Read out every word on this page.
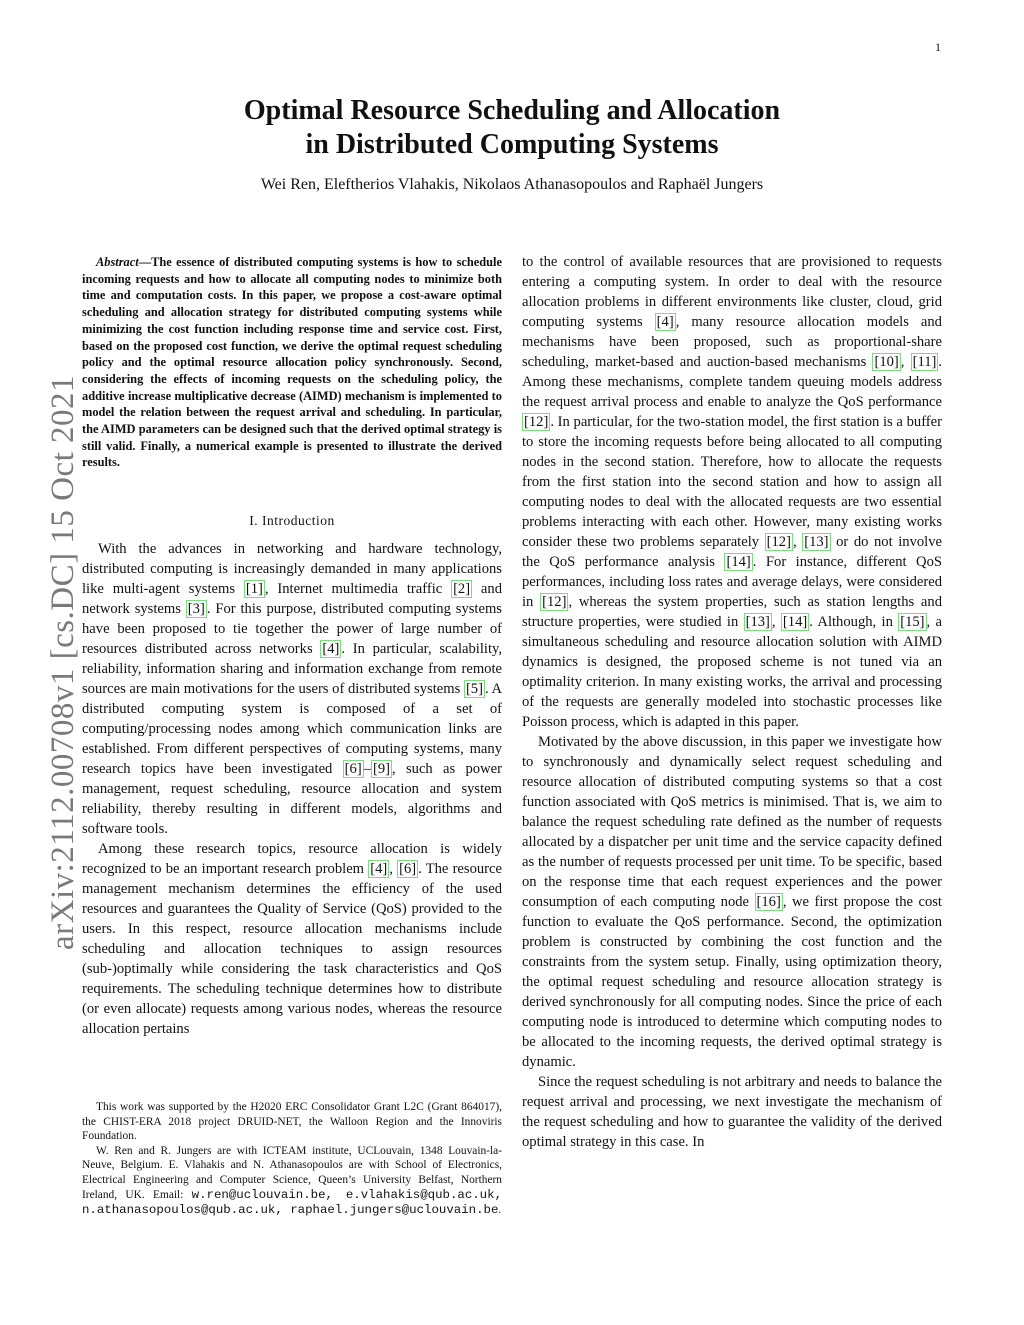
1
arXiv:2112.00708v1 [cs.DC] 15 Oct 2021
Optimal Resource Scheduling and Allocation
in Distributed Computing Systems
Wei Ren, Eleftherios Vlahakis, Nikolaos Athanasopoulos and Raphaël Jungers

Abstract—The essence of distributed computing systems is how to schedule incoming requests and how to allocate all computing nodes to minimize both time and computation costs. In this paper, we propose a cost-aware optimal scheduling and allocation strategy for distributed computing systems while minimizing the cost function including response time and service cost. First, based on the proposed cost function, we derive the optimal request scheduling policy and the optimal resource allocation policy synchronously. Second, considering the effects of incoming requests on the scheduling policy, the additive increase multiplicative decrease (AIMD) mechanism is implemented to model the relation between the request arrival and scheduling. In particular, the AIMD parameters can be designed such that the derived optimal strategy is still valid. Finally, a numerical example is presented to illustrate the derived results.

I. Introduction

With the advances in networking and hardware technology, distributed computing is increasingly demanded in many applications like multi-agent systems [1] , Internet multimedia traffic [2] and network systems [3] . For this purpose, distributed computing systems have been proposed to tie together the power of large number of resources distributed across networks [4] . In particular, scalability, reliability, information sharing and information exchange from remote sources are main motivations for the users of distributed systems [5] . A distributed computing system is composed of a set of computing/processing nodes among which communication links are established. From different perspectives of computing systems, many research topics have been investigated [6] – [9] , such as power management, request scheduling, resource allocation and system reliability, thereby resulting in different models, algorithms and software tools.

Among these research topics, resource allocation is widely recognized to be an important research problem [4] , [6] . The resource management mechanism determines the efficiency of the used resources and guarantees the Quality of Service (QoS) provided to the users. In this respect, resource allocation mechanisms include scheduling and allocation techniques to assign resources (sub-)optimally while considering the task characteristics and QoS requirements. The scheduling technique determines how to distribute (or even allocate) requests among various nodes, whereas the resource allocation pertains

This work was supported by the H2020 ERC Consolidator Grant L2C (Grant 864017), the CHIST-ERA 2018 project DRUID-NET, the Walloon Region and the Innoviris Foundation.

W. Ren and R. Jungers are with ICTEAM institute, UCLouvain, 1348 Louvain-la-Neuve, Belgium. E. Vlahakis and N. Athanasopoulos are with School of Electronics, Electrical Engineering and Computer Science, Queen’s University Belfast, Northern Ireland, UK. Email: w.ren@uclouvain.be, e.vlahakis@qub.ac.uk, n.athanasopoulos@qub.ac.uk, raphael.jungers@uclouvain.be.

to the control of available resources that are provisioned to requests entering a computing system. In order to deal with the resource allocation problems in different environments like cluster, cloud, grid computing systems [4] , many resource allocation models and mechanisms have been proposed, such as proportional-share scheduling, market-based and auction-based mechanisms [10] , [11] . Among these mechanisms, complete tandem queuing models address the request arrival process and enable to analyze the QoS performance [12] . In particular, for the two-station model, the first station is a buffer to store the incoming requests before being allocated to all computing nodes in the second station. Therefore, how to allocate the requests from the first station into the second station and how to assign all computing nodes to deal with the allocated requests are two essential problems interacting with each other. However, many existing works consider these two problems separately [12] , [13] or do not involve the QoS performance analysis [14] . For instance, different QoS performances, including loss rates and average delays, were considered in [12] , whereas the system properties, such as station lengths and structure properties, were studied in [13] , [14] . Although, in [15] , a simultaneous scheduling and resource allocation solution with AIMD dynamics is designed, the proposed scheme is not tuned via an optimality criterion. In many existing works, the arrival and processing of the requests are generally modeled into stochastic processes like Poisson process, which is adapted in this paper.

Motivated by the above discussion, in this paper we investigate how to synchronously and dynamically select request scheduling and resource allocation of distributed computing systems so that a cost function associated with QoS metrics is minimised. That is, we aim to balance the request scheduling rate defined as the number of requests allocated by a dispatcher per unit time and the service capacity defined as the number of requests processed per unit time. To be specific, based on the response time that each request experiences and the power consumption of each computing node [16] , we first propose the cost function to evaluate the QoS performance. Second, the optimization problem is constructed by combining the cost function and the constraints from the system setup. Finally, using optimization theory, the optimal request scheduling and resource allocation strategy is derived synchronously for all computing nodes. Since the price of each computing node is introduced to determine which computing nodes to be allocated to the incoming requests, the derived optimal strategy is dynamic.

Since the request scheduling is not arbitrary and needs to balance the request arrival and processing, we next investigate the mechanism of the request scheduling and how to guarantee the validity of the derived optimal strategy in this case. In
